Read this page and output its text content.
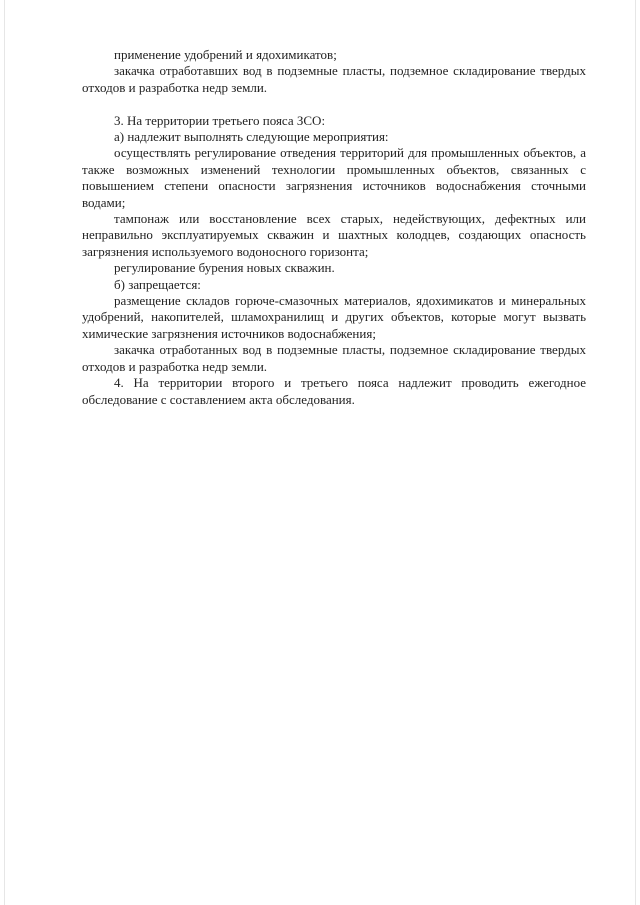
применение удобрений и ядохимикатов;

закачка отработавших вод в подземные пласты, подземное складирование твердых отходов и разработка недр земли.

3. На территории третьего пояса ЗСО:

а) надлежит выполнять следующие мероприятия:

осуществлять регулирование отведения территорий для промышленных объектов, а также возможных изменений технологии промышленных объектов, связанных с повышением степени опасности загрязнения источников водоснабжения сточными водами;

тампонаж или восстановление всех старых, недействующих, дефектных или неправильно эксплуатируемых скважин и шахтных колодцев, создающих опасность загрязнения используемого водоносного горизонта;

регулирование бурения новых скважин.

б) запрещается:

размещение складов горюче-смазочных материалов, ядохимикатов и минеральных удобрений, накопителей, шламохранилищ и других объектов, которые могут вызвать химические загрязнения источников водоснабжения;

закачка отработанных вод в подземные пласты, подземное складирование твердых отходов и разработка недр земли.

4. На территории второго и третьего пояса надлежит проводить ежегодное обследование с составлением акта обследования.
